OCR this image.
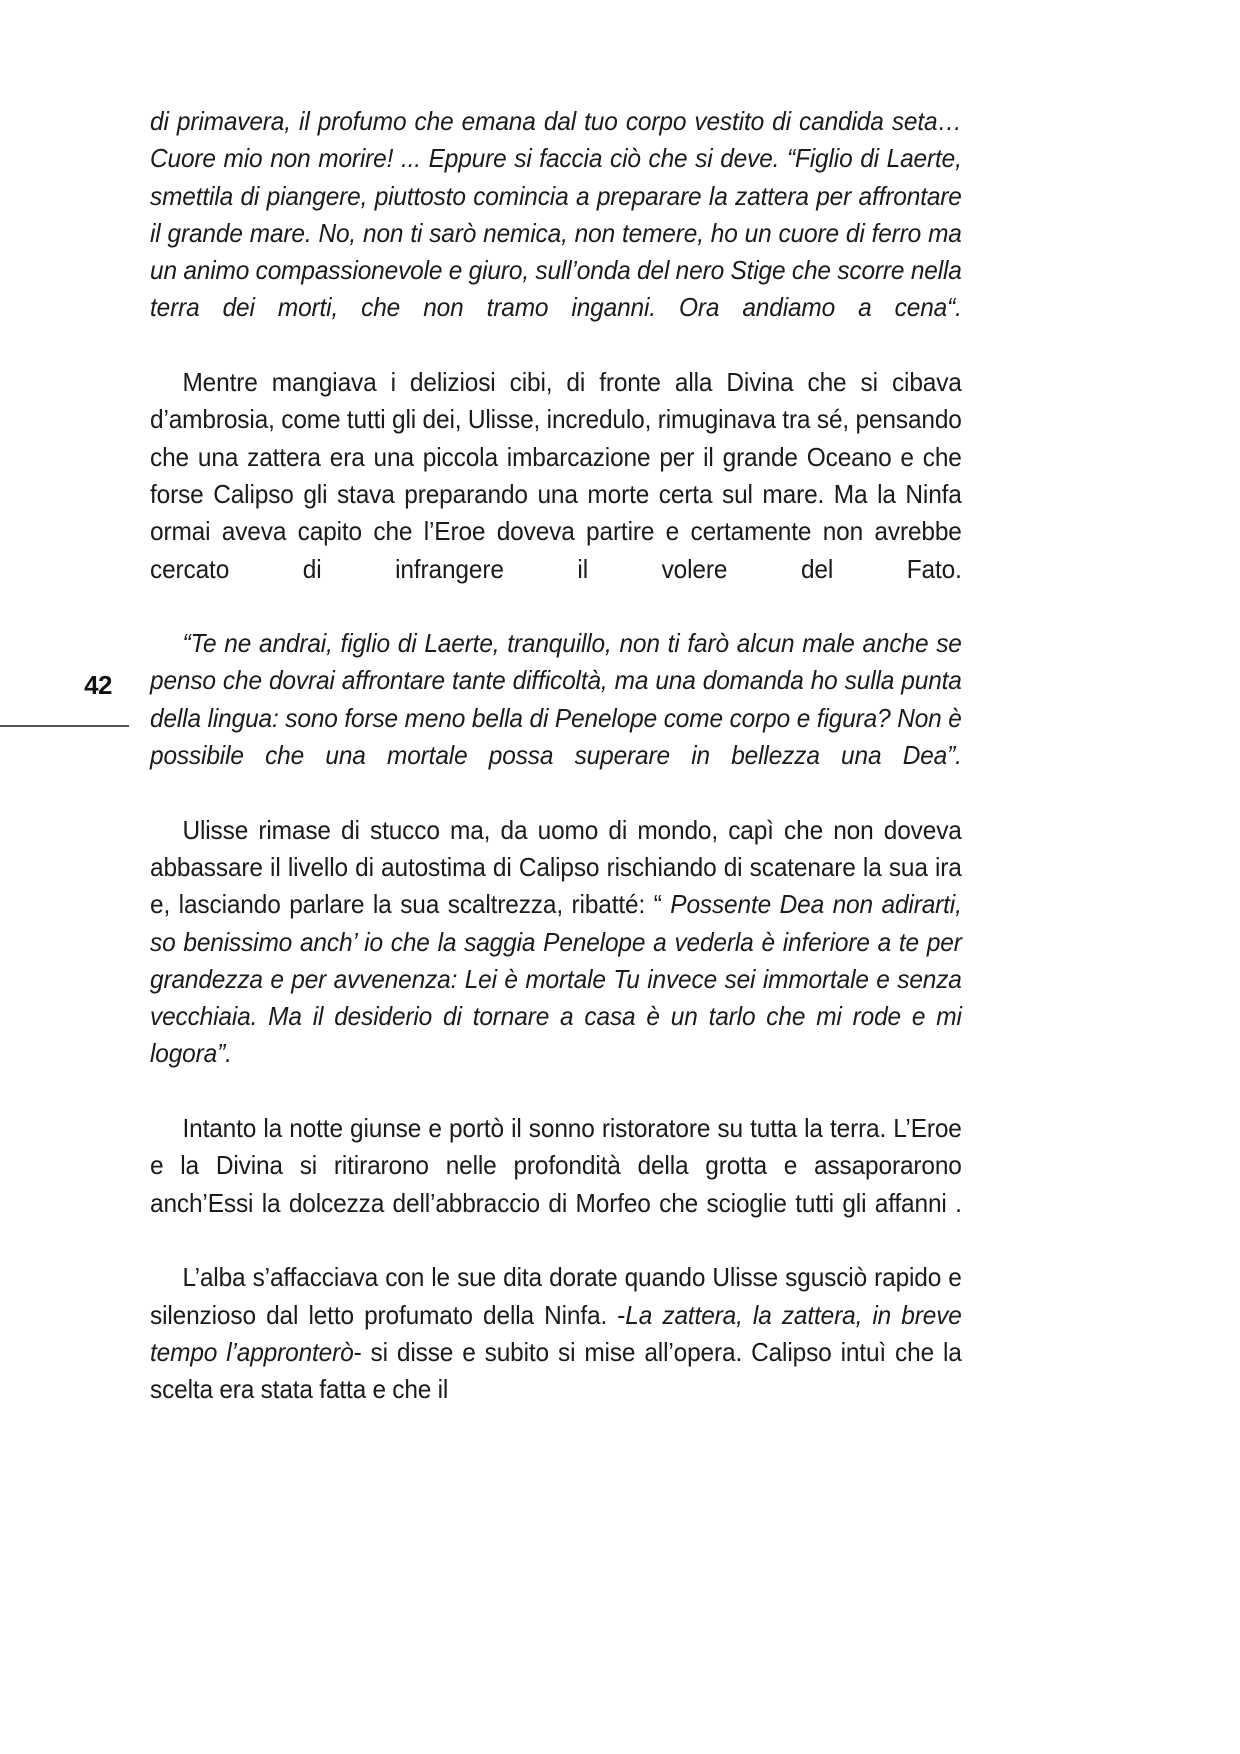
42

di primavera, il profumo che emana dal tuo corpo vestito di candida seta… Cuore mio non morire! ... Eppure si faccia ciò che si deve. “Figlio di Laerte, smettila di piangere, piuttosto comincia a preparare la zattera per affrontare il grande mare. No, non ti sarò nemica, non temere, ho un cuore di ferro ma un animo compassionevole e giuro, sull’onda del nero Stige che scorre nella terra dei morti, che non tramo inganni. Ora andiamo a cena“.

Mentre mangiava i deliziosi cibi, di fronte alla Divina che si cibava d’ambrosia, come tutti gli dei, Ulisse, incredulo, rimuginava tra sé, pensando che una zattera era una piccola imbarcazione per il grande Oceano e che forse Calipso gli stava preparando una morte certa sul mare. Ma la Ninfa ormai aveva capito che l’Eroe doveva partire e certamente non avrebbe cercato di infrangere il volere del Fato.

“Te ne andrai, figlio di Laerte, tranquillo, non ti farò alcun male anche se penso che dovrai affrontare tante difficoltà, ma una domanda ho sulla punta della lingua: sono forse meno bella di Penelope come corpo e figura? Non è possibile che una mortale possa superare in bellezza una Dea”.

Ulisse rimase di stucco ma, da uomo di mondo, capì che non doveva abbassare il livello di autostima di Calipso rischiando di scatenare la sua ira e, lasciando parlare la sua scaltrezza, ribatté: “ Possente Dea non adirarti, so benissimo anch’ io che la saggia Penelope a vederla è inferiore a te per grandezza e per avvenenza: Lei è mortale Tu invece sei immortale e senza vecchiaia. Ma il desiderio di tornare a casa è un tarlo che mi rode e mi logora”.

Intanto la notte giunse e portò il sonno ristoratore su tutta la terra. L’Eroe e la Divina si ritirarono nelle profondità della grotta e assaporarono anch’Essi la dolcezza dell’abbraccio di Morfeo che scioglie tutti gli affanni .

L’alba s’affacciava con le sue dita dorate quando Ulisse sgusciò rapido e silenzioso dal letto profumato della Ninfa. -La zattera, la zattera, in breve tempo l’appronterò- si disse e subito si mise all’opera. Calipso intuì che la scelta era stata fatta e che il
